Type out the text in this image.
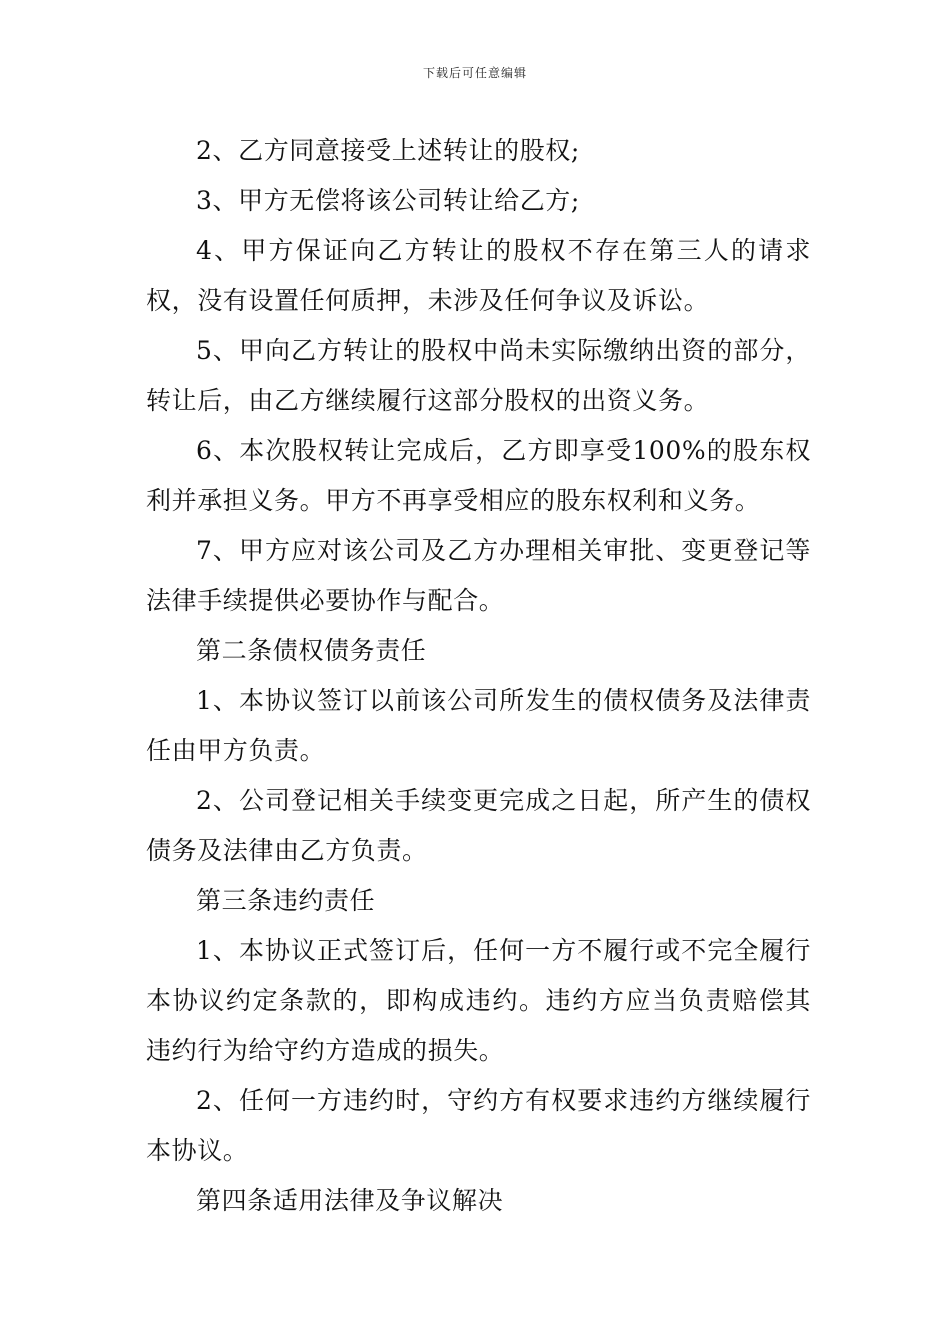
下载后可任意编辑

2、乙方同意接受上述转让的股权;

3、甲方无偿将该公司转让给乙方;

4、甲方保证向乙方转让的股权不存在第三人的请求权，没有设置任何质押，未涉及任何争议及诉讼。

5、甲向乙方转让的股权中尚未实际缴纳出资的部分，转让后，由乙方继续履行这部分股权的出资义务。

6、本次股权转让完成后，乙方即享受100%的股东权利并承担义务。甲方不再享受相应的股东权利和义务。

7、甲方应对该公司及乙方办理相关审批、变更登记等法律手续提供必要协作与配合。

第二条债权债务责任

1、本协议签订以前该公司所发生的债权债务及法律责任由甲方负责。

2、公司登记相关手续变更完成之日起，所产生的债权债务及法律由乙方负责。

第三条违约责任

1、本协议正式签订后，任何一方不履行或不完全履行本协议约定条款的，即构成违约。违约方应当负责赔偿其违约行为给守约方造成的损失。

2、任何一方违约时，守约方有权要求违约方继续履行本协议。

第四条适用法律及争议解决
